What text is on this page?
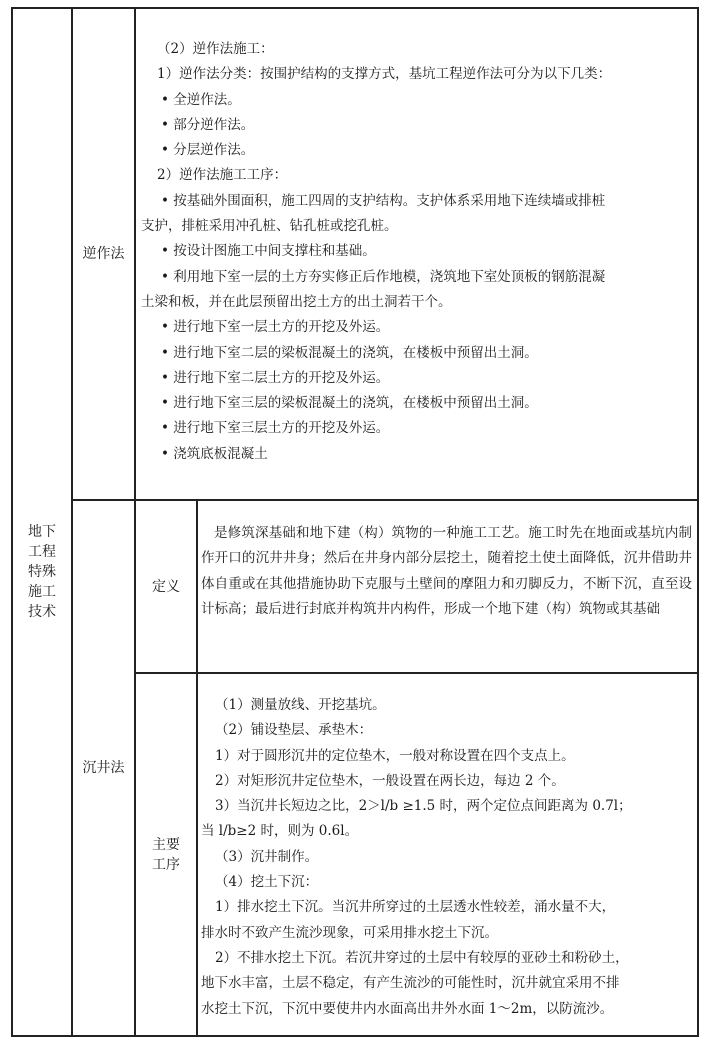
地下
工程
特殊
施工
技术
逆作法

（2）逆作法施工：

1）逆作法分类：按围护结构的支撑方式，基坑工程逆作法可分为以下几类：

• 全逆作法。

• 部分逆作法。

• 分层逆作法。

2）逆作法施工工序：

• 按基础外围面积，施工四周的支护结构。支护体系采用地下连续墙或排桩

支护，排桩采用冲孔桩、钻孔桩或挖孔桩。

• 按设计图施工中间支撑柱和基础。

• 利用地下室一层的土方夯实修正后作地模，浇筑地下室处顶板的钢筋混凝

土梁和板，并在此层预留出挖土方的出土洞若干个。

• 进行地下室一层土方的开挖及外运。

• 进行地下室二层的梁板混凝土的浇筑，在楼板中预留出土洞。

• 进行地下室二层土方的开挖及外运。

• 进行地下室三层的梁板混凝土的浇筑，在楼板中预留出土洞。

• 进行地下室三层土方的开挖及外运。

• 浇筑底板混凝土

沉井法
定义

是修筑深基础和地下建（构）筑物的一种施工工艺。施工时先在地面或基坑内制作开口的沉井井身；然后在井身内部分层挖土，随着挖土使土面降低，沉井借助井体自重或在其他措施协助下克服与土壁间的摩阻力和刃脚反力，不断下沉，直至设计标高；最后进行封底并构筑井内构件，形成一个地下建（构）筑物或其基础

主要
工序

（1）测量放线、开挖基坑。

（2）铺设垫层、承垫木：

1）对于圆形沉井的定位垫木，一般对称设置在四个支点上。

2）对矩形沉井定位垫木，一般设置在两长边，每边 2 个。

3）当沉井长短边之比，2＞l/b ≥1.5 时，两个定位点间距离为 0.7l；

当 l/b≥2 时，则为 0.6l。

（3）沉井制作。

（4）挖土下沉：

1）排水挖土下沉。当沉井所穿过的土层透水性较差，涌水量不大，

排水时不致产生流沙现象，可采用排水挖土下沉。

2）不排水挖土下沉。若沉井穿过的土层中有较厚的亚砂土和粉砂土，

地下水丰富，土层不稳定，有产生流沙的可能性时，沉井就宜采用不排

水挖土下沉，下沉中要使井内水面高出井外水面 1～2m，以防流沙。
